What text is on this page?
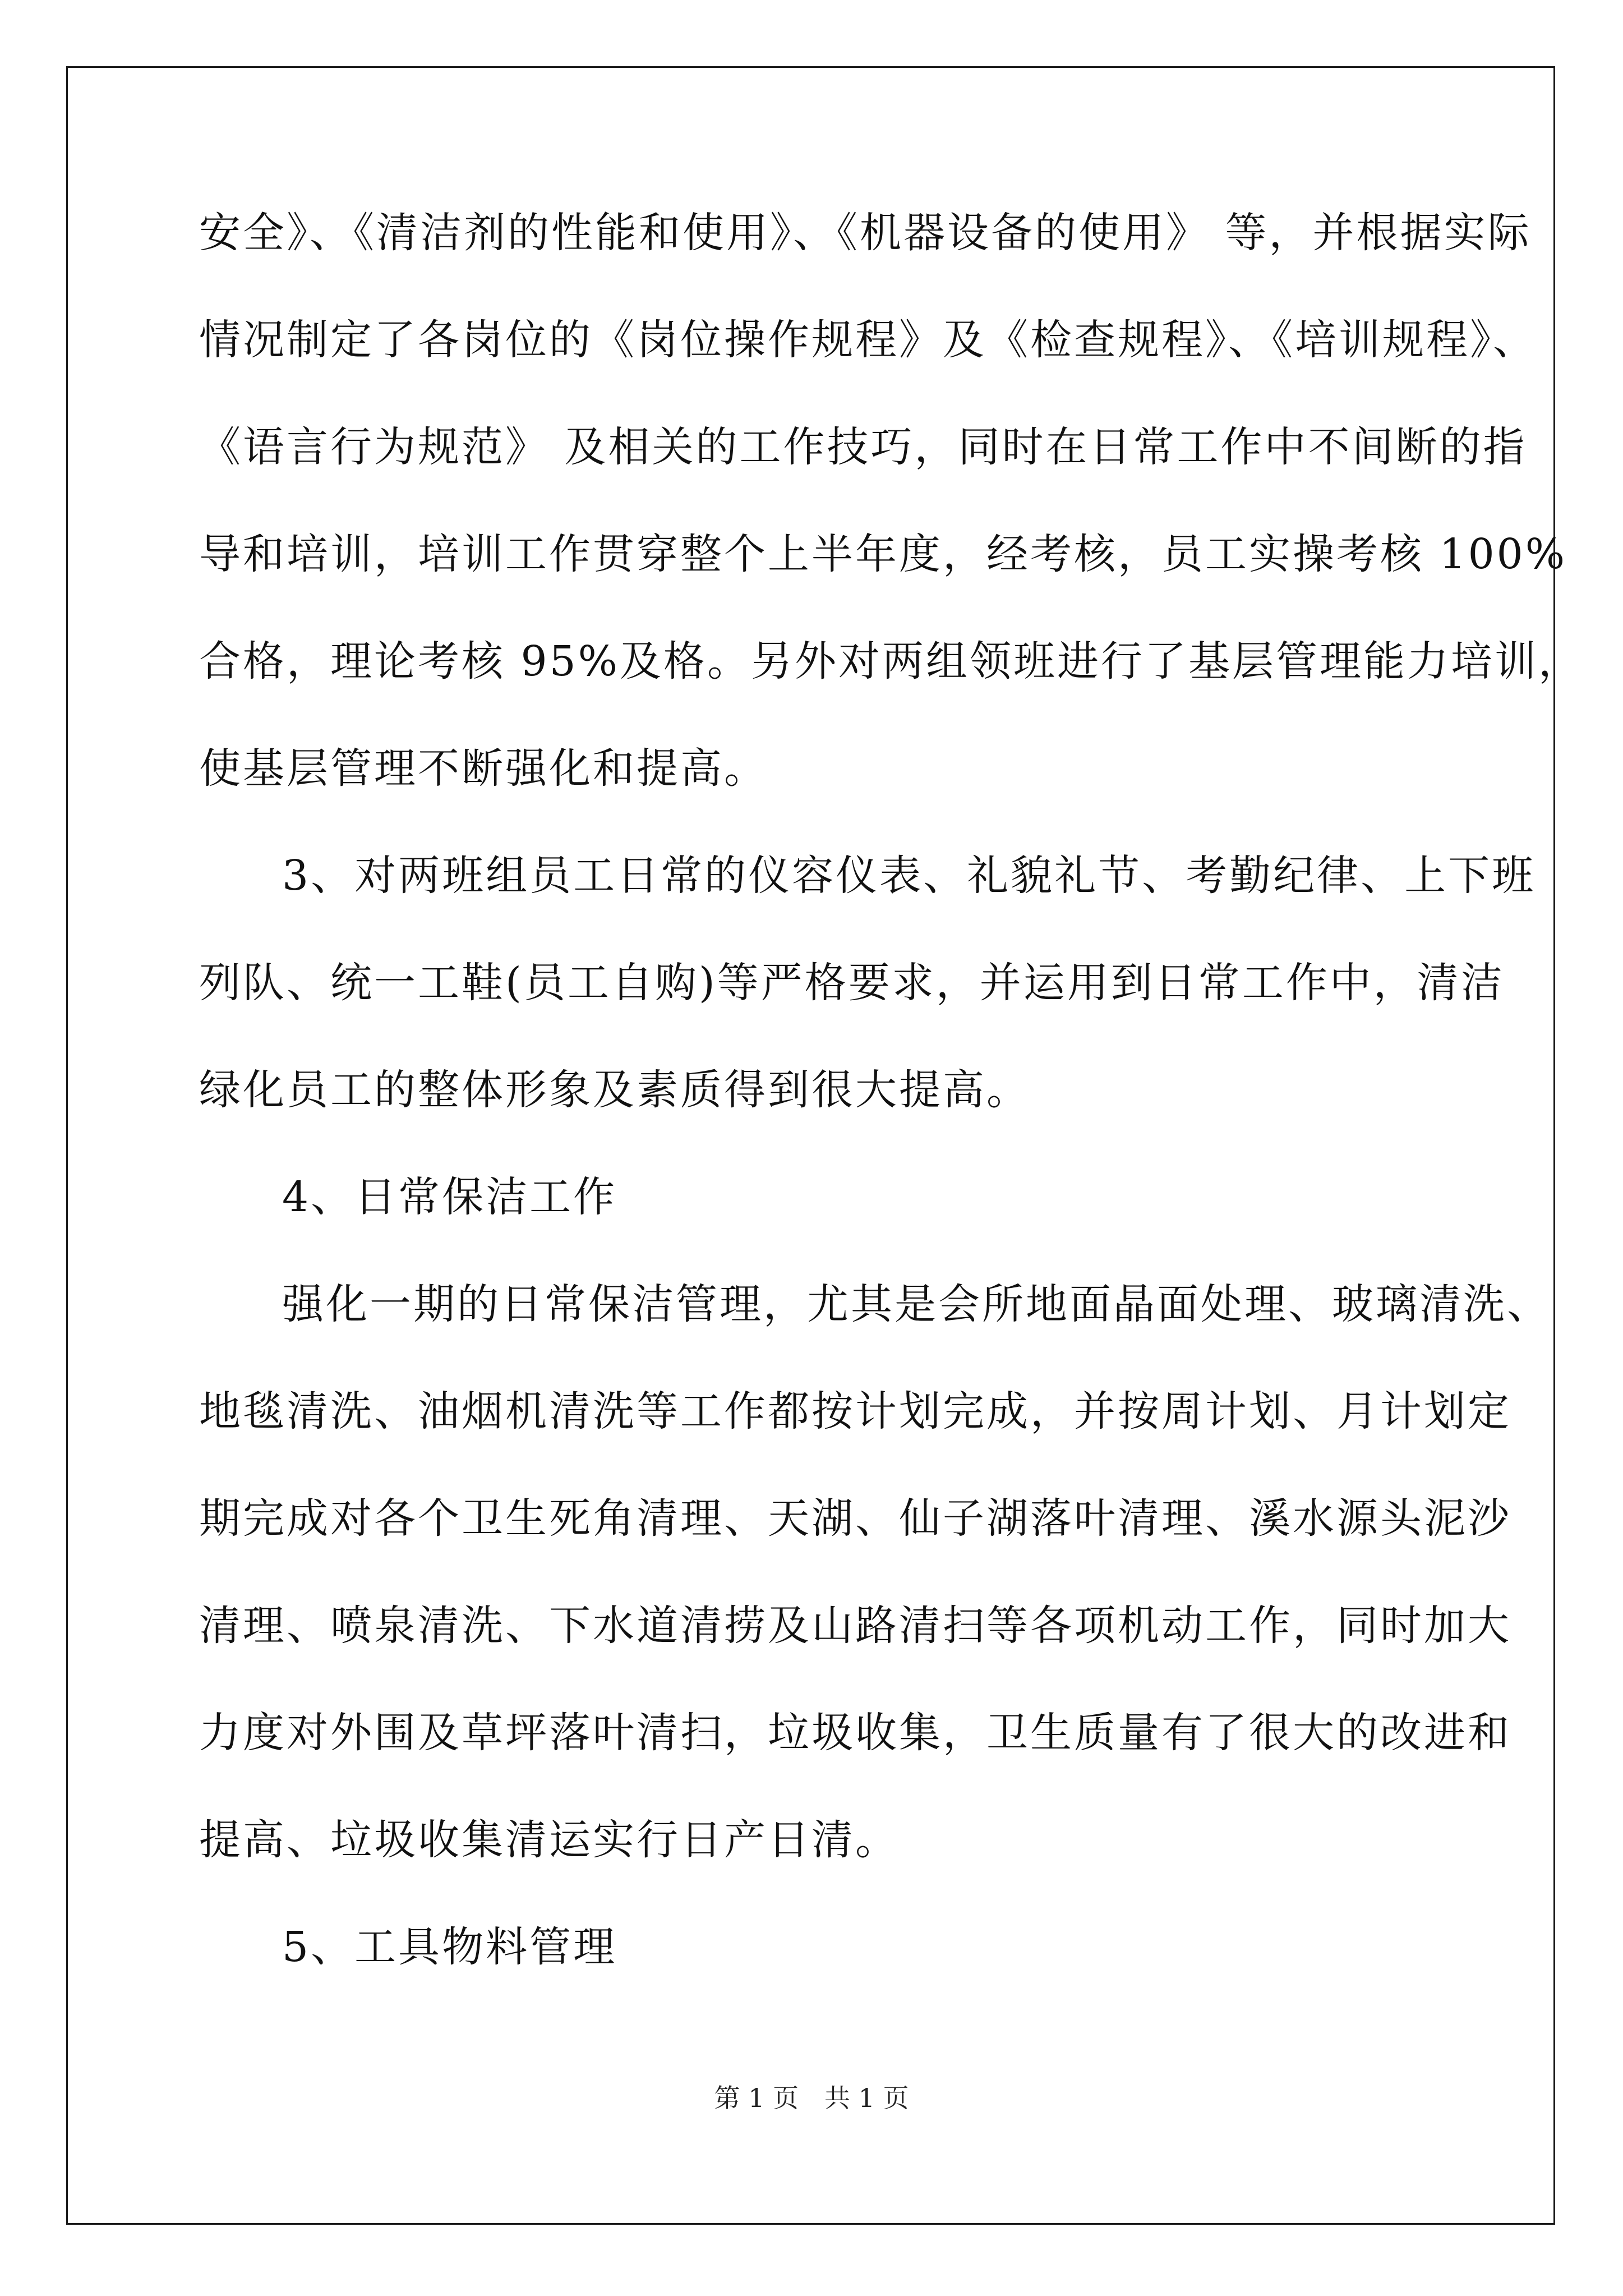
安全》、《清洁剂的性能和使用》、《机器设备的使用》 等，并根据实际
情况制定了各岗位的《岗位操作规程》及《检查规程》、《培训规程》、
《语言行为规范》 及相关的工作技巧，同时在日常工作中不间断的指
导和培训，培训工作贯穿整个上半年度，经考核，员工实操考核 100%
合格，理论考核 95%及格。另外对两组领班进行了基层管理能力培训，
使基层管理不断强化和提高。
3、对两班组员工日常的仪容仪表、礼貌礼节、考勤纪律、上下班
列队、统一工鞋(员工自购)等严格要求，并运用到日常工作中，清洁
绿化员工的整体形象及素质得到很大提高。
4、日常保洁工作
强化一期的日常保洁管理，尤其是会所地面晶面处理、玻璃清洗、
地毯清洗、油烟机清洗等工作都按计划完成，并按周计划、月计划定
期完成对各个卫生死角清理、天湖、仙子湖落叶清理、溪水源头泥沙
清理、喷泉清洗、下水道清捞及山路清扫等各项机动工作，同时加大
力度对外围及草坪落叶清扫，垃圾收集，卫生质量有了很大的改进和
提高、垃圾收集清运实行日产日清。
5、工具物料管理
第 1 页　共 1 页
